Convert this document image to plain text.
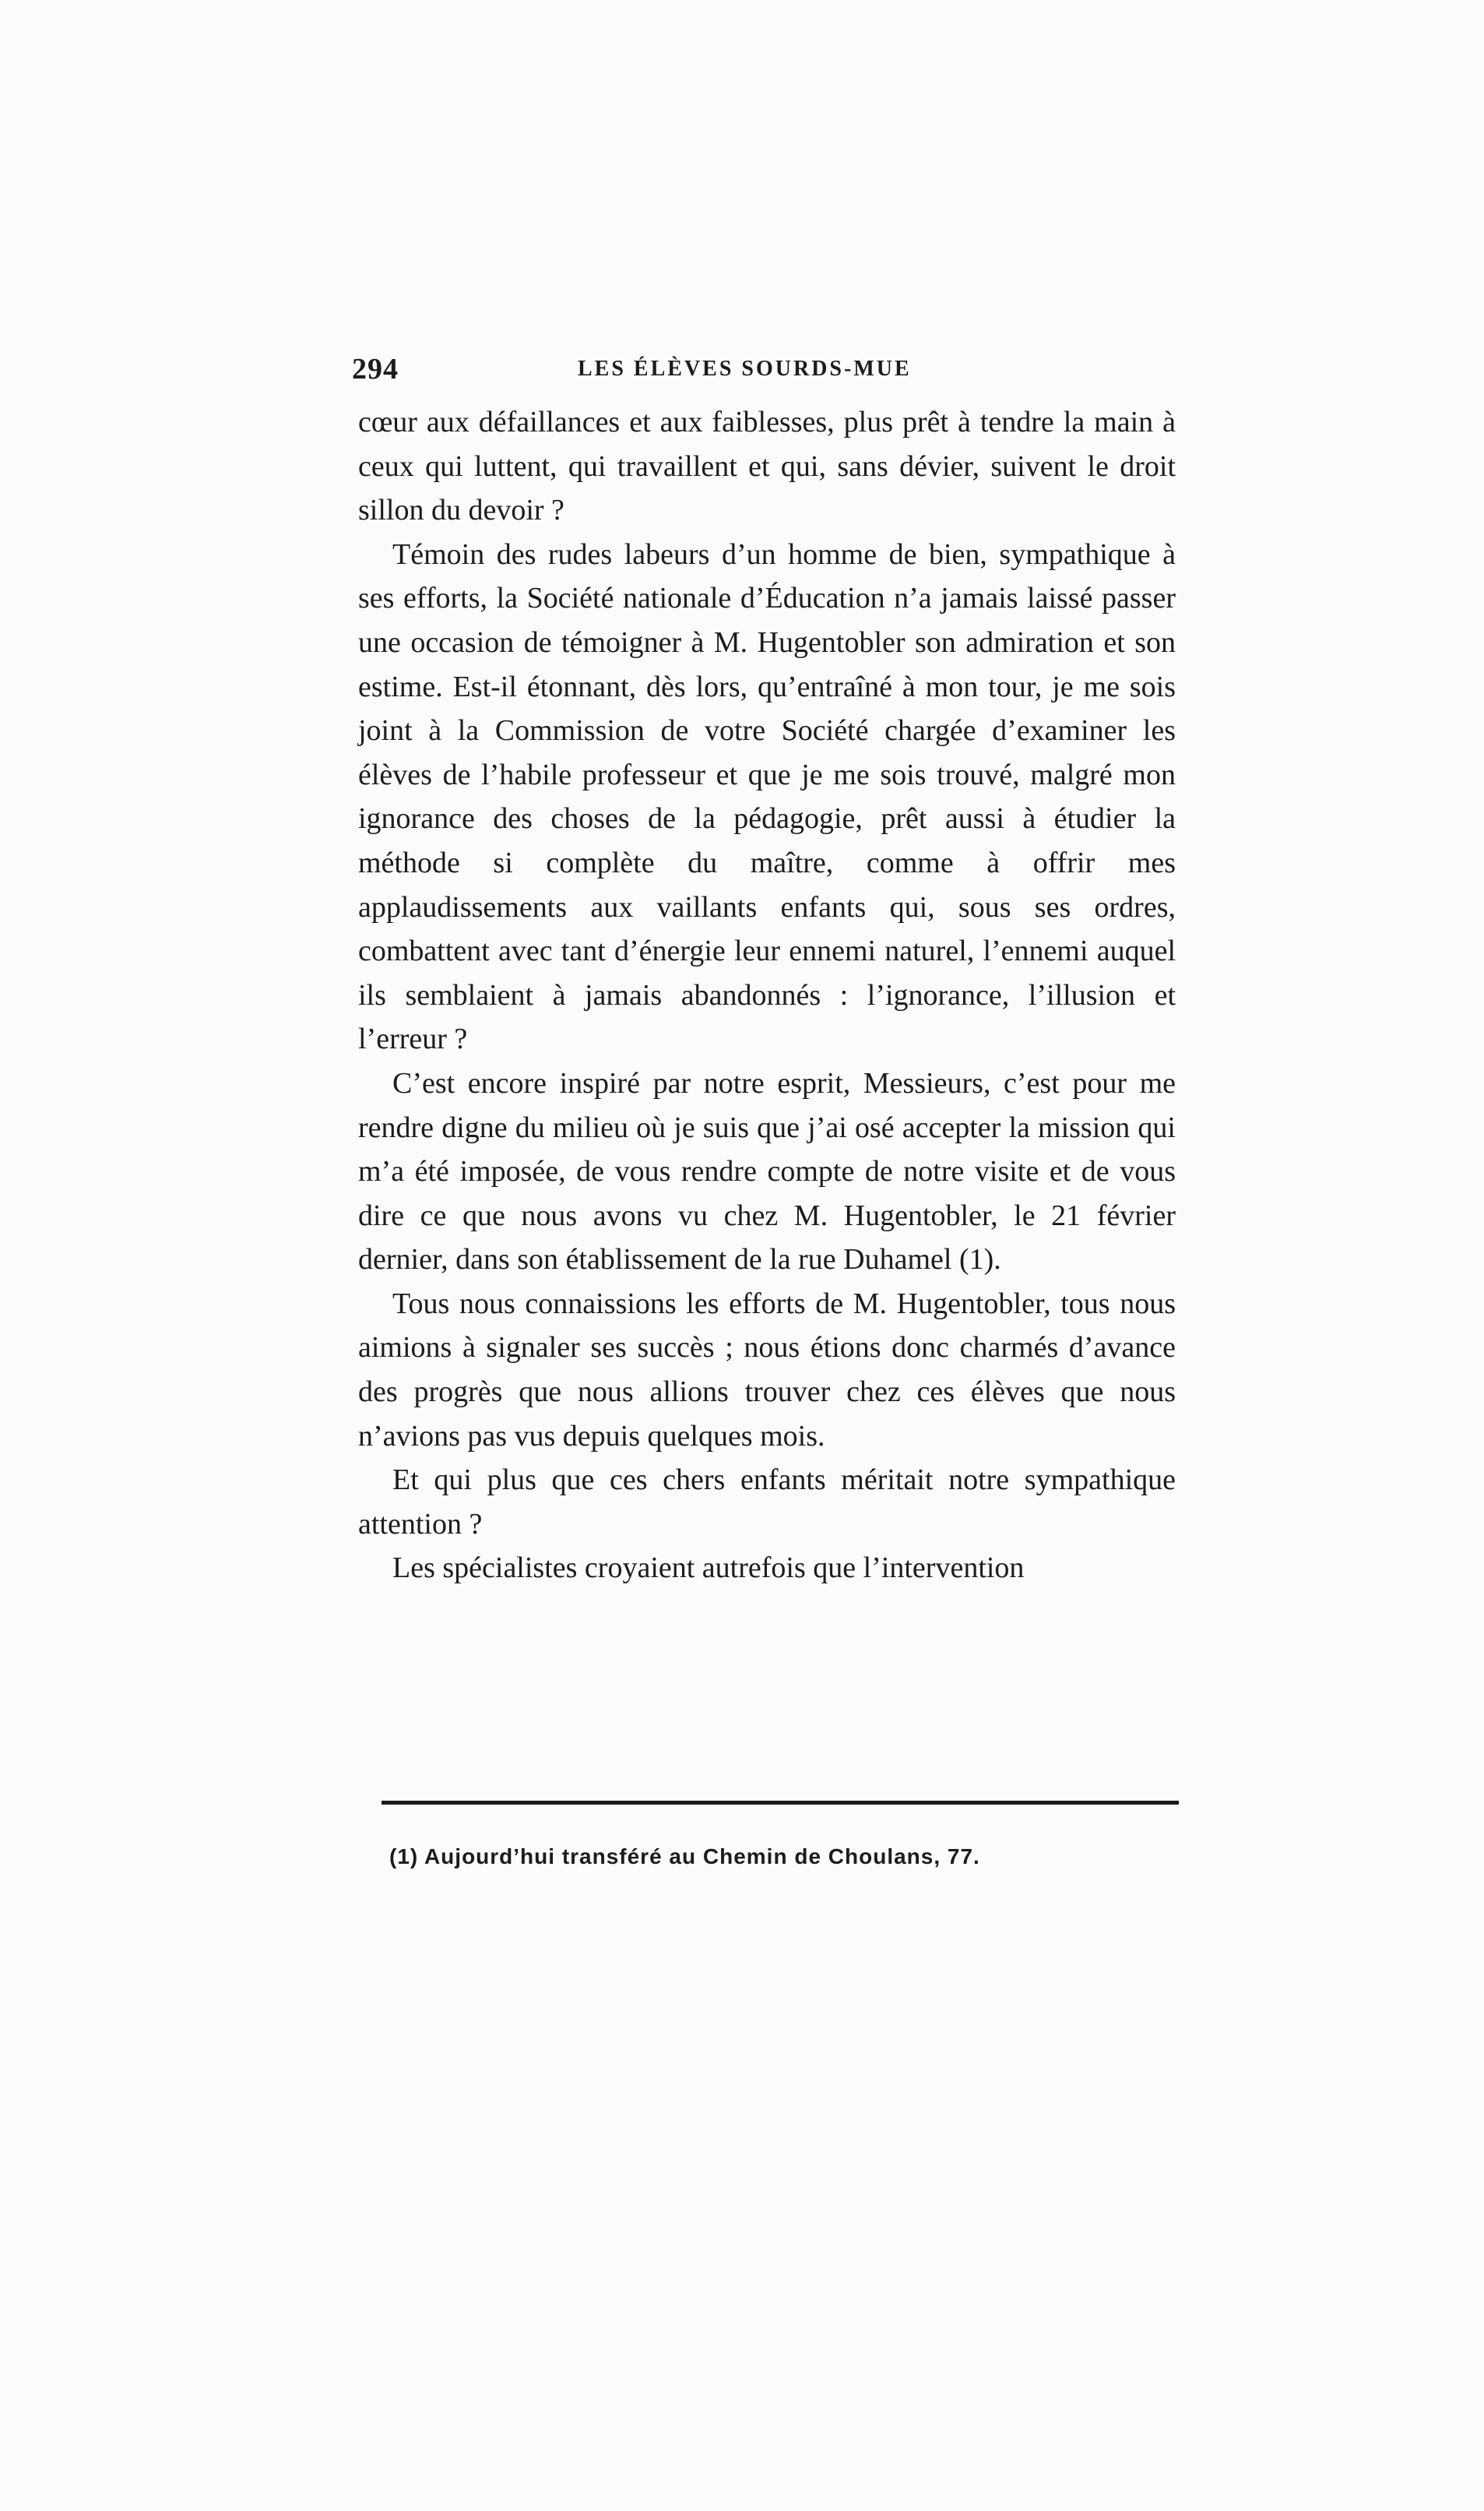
294	LES ÉLÈVES SOURDS-MUE

cœur aux défaillances et aux faiblesses, plus prêt à tendre la main à ceux qui luttent, qui travaillent et qui, sans dévier, suivent le droit sillon du devoir ?

Témoin des rudes labeurs d’un homme de bien, sympathique à ses efforts, la Société nationale d’Éducation n’a jamais laissé passer une occasion de témoigner à M. Hugentobler son admiration et son estime. Est-il étonnant, dès lors, qu’entraîné à mon tour, je me sois joint à la Commission de votre Société chargée d’examiner les élèves de l’habile professeur et que je me sois trouvé, malgré mon ignorance des choses de la pédagogie, prêt aussi à étudier la méthode si complète du maître, comme à offrir mes applaudissements aux vaillants enfants qui, sous ses ordres, combattent avec tant d’énergie leur ennemi naturel, l’ennemi auquel ils semblaient à jamais abandonnés : l’ignorance, l’illusion et l’erreur ?

C’est encore inspiré par notre esprit, Messieurs, c’est pour me rendre digne du milieu où je suis que j’ai osé accepter la mission qui m’a été imposée, de vous rendre compte de notre visite et de vous dire ce que nous avons vu chez M. Hugentobler, le 21 février dernier, dans son établissement de la rue Duhamel (1).

Tous nous connaissions les efforts de M. Hugentobler, tous nous aimions à signaler ses succès ; nous étions donc charmés d’avance des progrès que nous allions trouver chez ces élèves que nous n’avions pas vus depuis quelques mois.

Et qui plus que ces chers enfants méritait notre sympathique attention ?

Les spécialistes croyaient autrefois que l’intervention

(1) Aujourd’hui transféré au Chemin de Choulans, 77.
